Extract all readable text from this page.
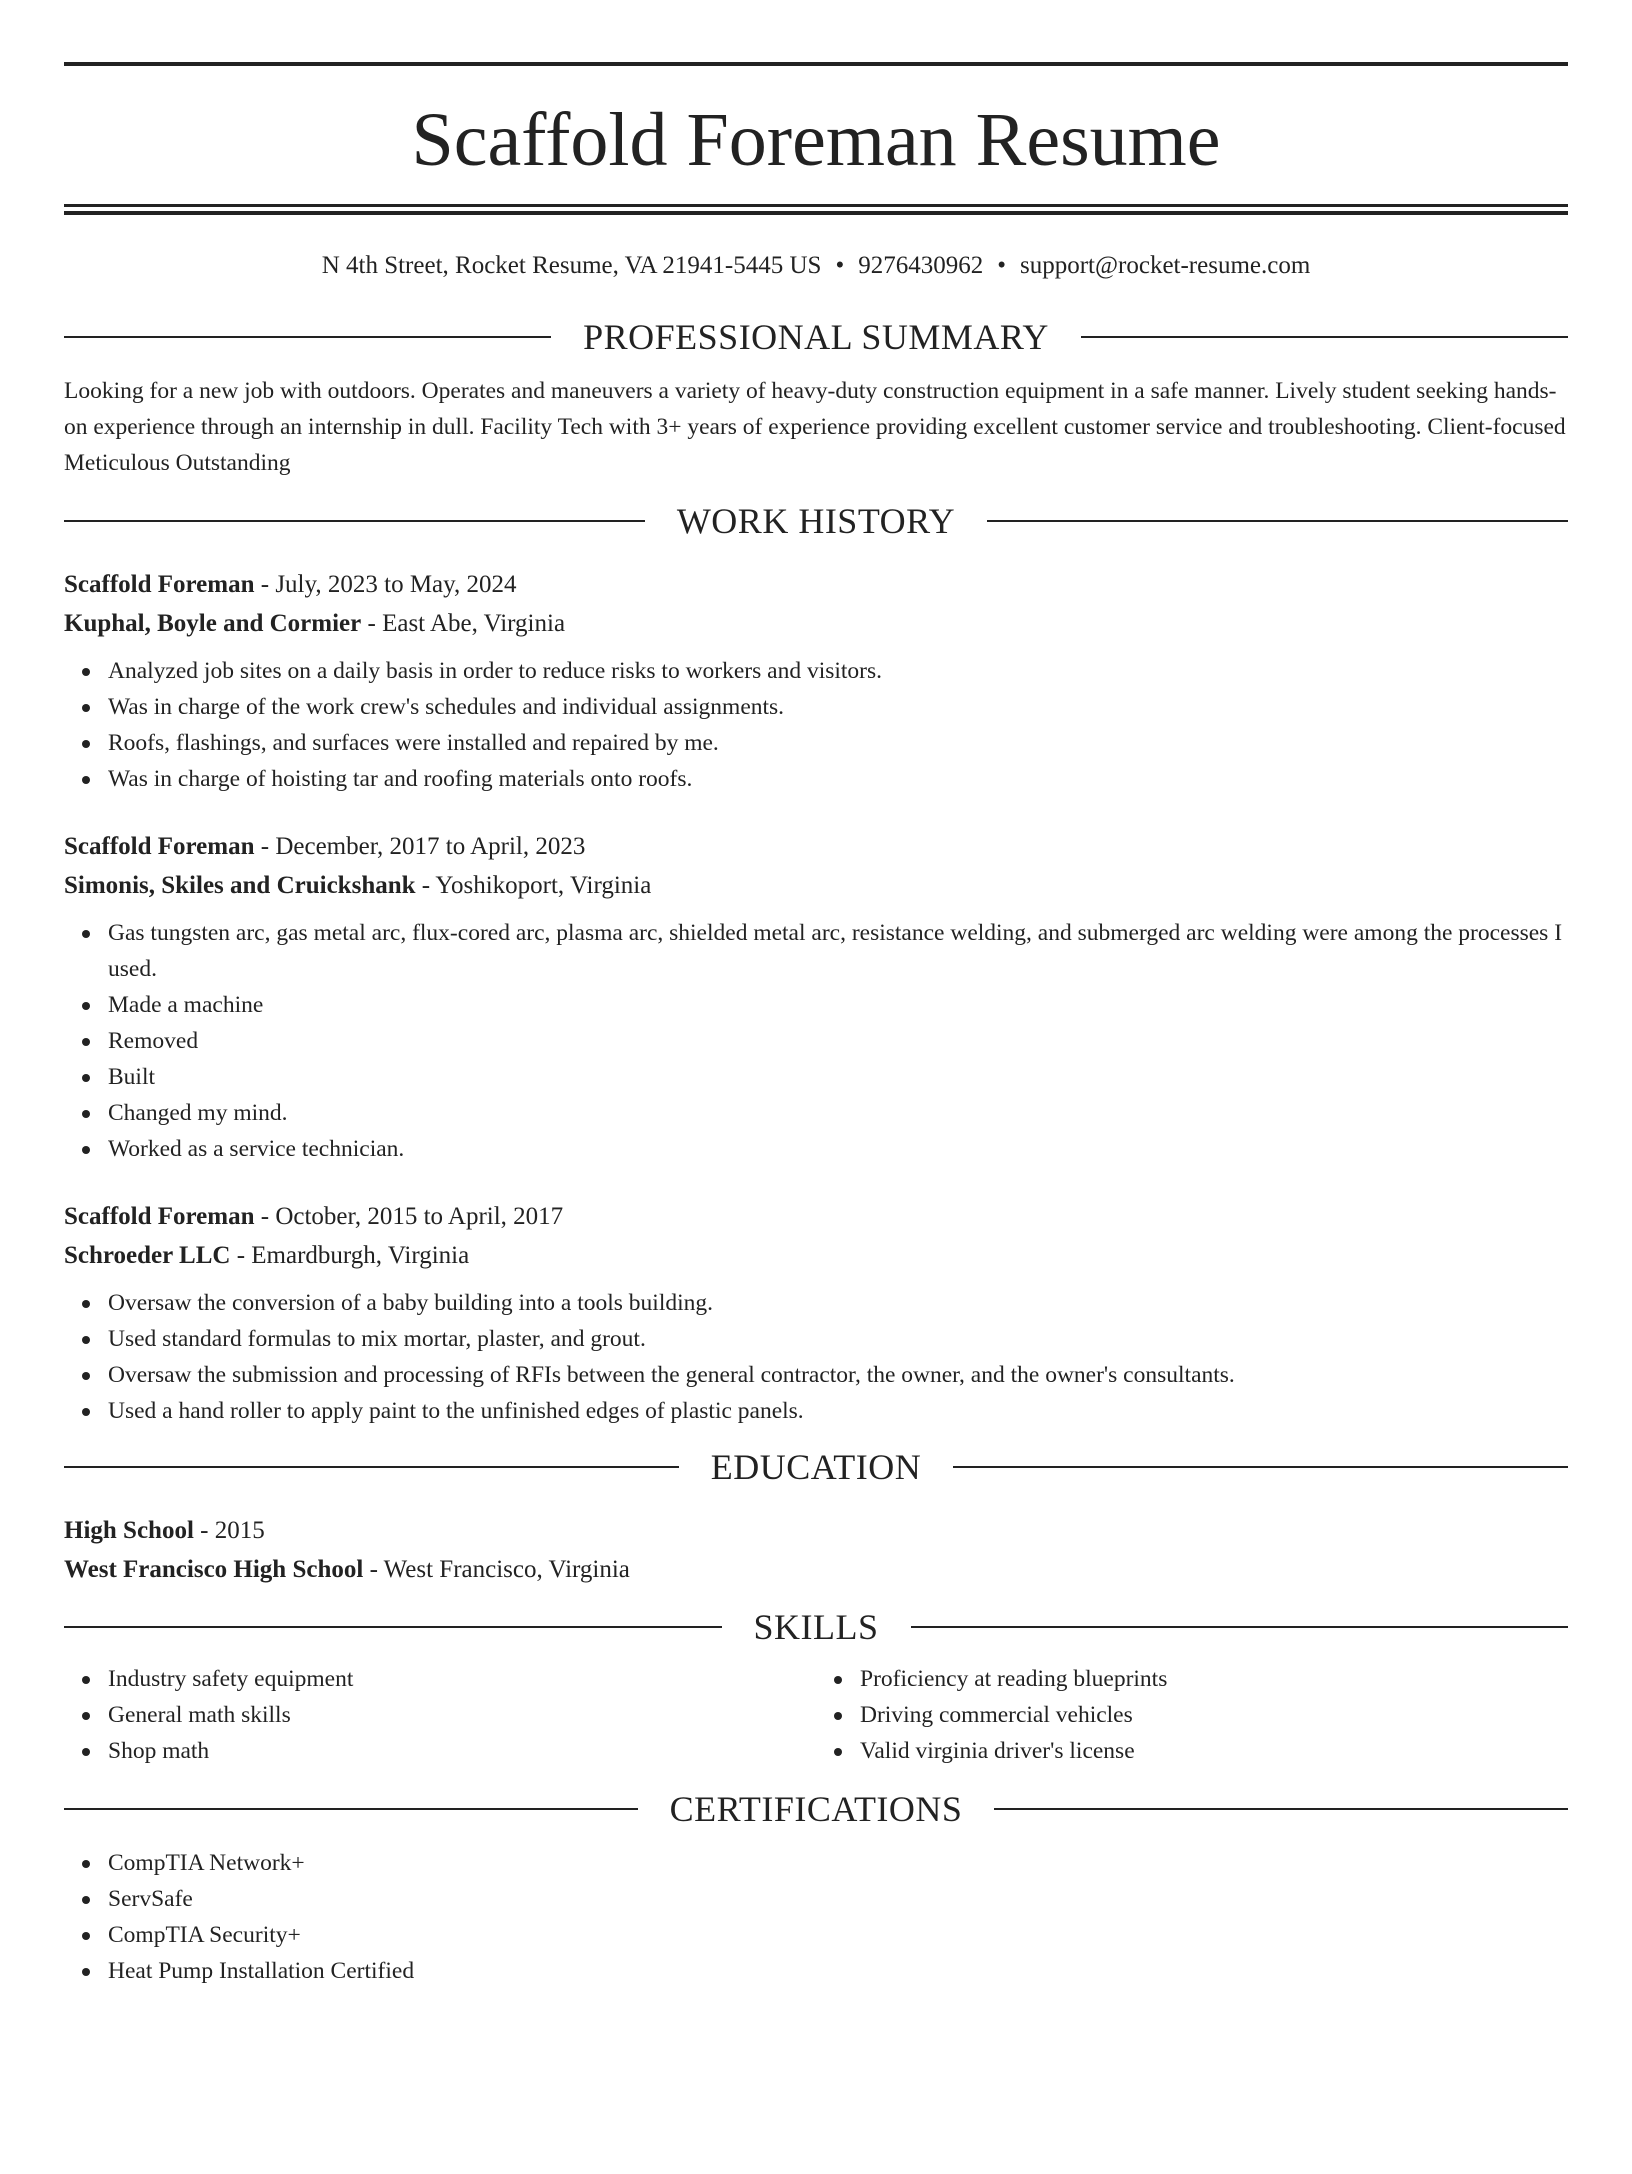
Scaffold Foreman Resume
N 4th Street, Rocket Resume, VA 21941-5445 US • 9276430962 • support@rocket-resume.com
PROFESSIONAL SUMMARY

Looking for a new job with outdoors. Operates and maneuvers a variety of heavy-duty construction equipment in a safe manner. Lively student seeking hands-on experience through an internship in dull. Facility Tech with 3+ years of experience providing excellent customer service and troubleshooting. Client-focused Meticulous Outstanding

WORK HISTORY
Scaffold Foreman - July, 2023 to May, 2024
Kuphal, Boyle and Cormier - East Abe, Virginia
Analyzed job sites on a daily basis in order to reduce risks to workers and visitors.
Was in charge of the work crew's schedules and individual assignments.
Roofs, flashings, and surfaces were installed and repaired by me.
Was in charge of hoisting tar and roofing materials onto roofs.
Scaffold Foreman - December, 2017 to April, 2023
Simonis, Skiles and Cruickshank - Yoshikoport, Virginia
Gas tungsten arc, gas metal arc, flux-cored arc, plasma arc, shielded metal arc, resistance welding, and submerged arc welding were among the processes I used.
Made a machine
Removed
Built
Changed my mind.
Worked as a service technician.
Scaffold Foreman - October, 2015 to April, 2017
Schroeder LLC - Emardburgh, Virginia
Oversaw the conversion of a baby building into a tools building.
Used standard formulas to mix mortar, plaster, and grout.
Oversaw the submission and processing of RFIs between the general contractor, the owner, and the owner's consultants.
Used a hand roller to apply paint to the unfinished edges of plastic panels.
EDUCATION
High School - 2015
West Francisco High School - West Francisco, Virginia
SKILLS
Industry safety equipment
General math skills
Shop math
Proficiency at reading blueprints
Driving commercial vehicles
Valid virginia driver's license
CERTIFICATIONS
CompTIA Network+
ServSafe
CompTIA Security+
Heat Pump Installation Certified
